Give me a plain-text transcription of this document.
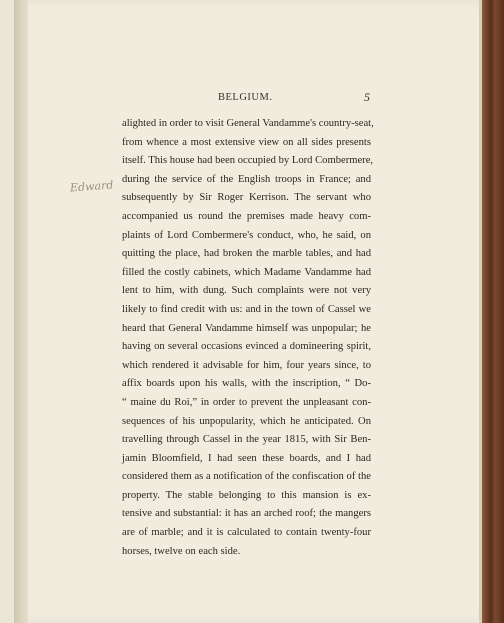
BELGIUM.	5
Edward
alighted in order to visit General Vandamme's country-seat,
from whence a most extensive view on all sides presents
itself. This house had been occupied by Lord Combermere,
during the service of the English troops in France; and
subsequently by Sir Roger Kerrison. The servant who
accompanied us round the premises made heavy com-
plaints of Lord Combermere's conduct, who, he said, on
quitting the place, had broken the marble tables, and had
filled the costly cabinets, which Madame Vandamme had
lent to him, with dung. Such complaints were not very
likely to find credit with us: and in the town of Cassel we
heard that General Vandamme himself was unpopular; he
having on several occasions evinced a domineering spirit,
which rendered it advisable for him, four years since, to
affix boards upon his walls, with the inscription, “ Do-
“ maine du Roi,” in order to prevent the unpleasant con-
sequences of his unpopularity, which he anticipated. On
travelling through Cassel in the year 1815, with Sir Ben-
jamin Bloomfield, I had seen these boards, and I had
considered them as a notification of the confiscation of the
property. The stable belonging to this mansion is ex-
tensive and substantial: it has an arched roof; the mangers
are of marble; and it is calculated to contain twenty-four
horses, twelve on each side.
